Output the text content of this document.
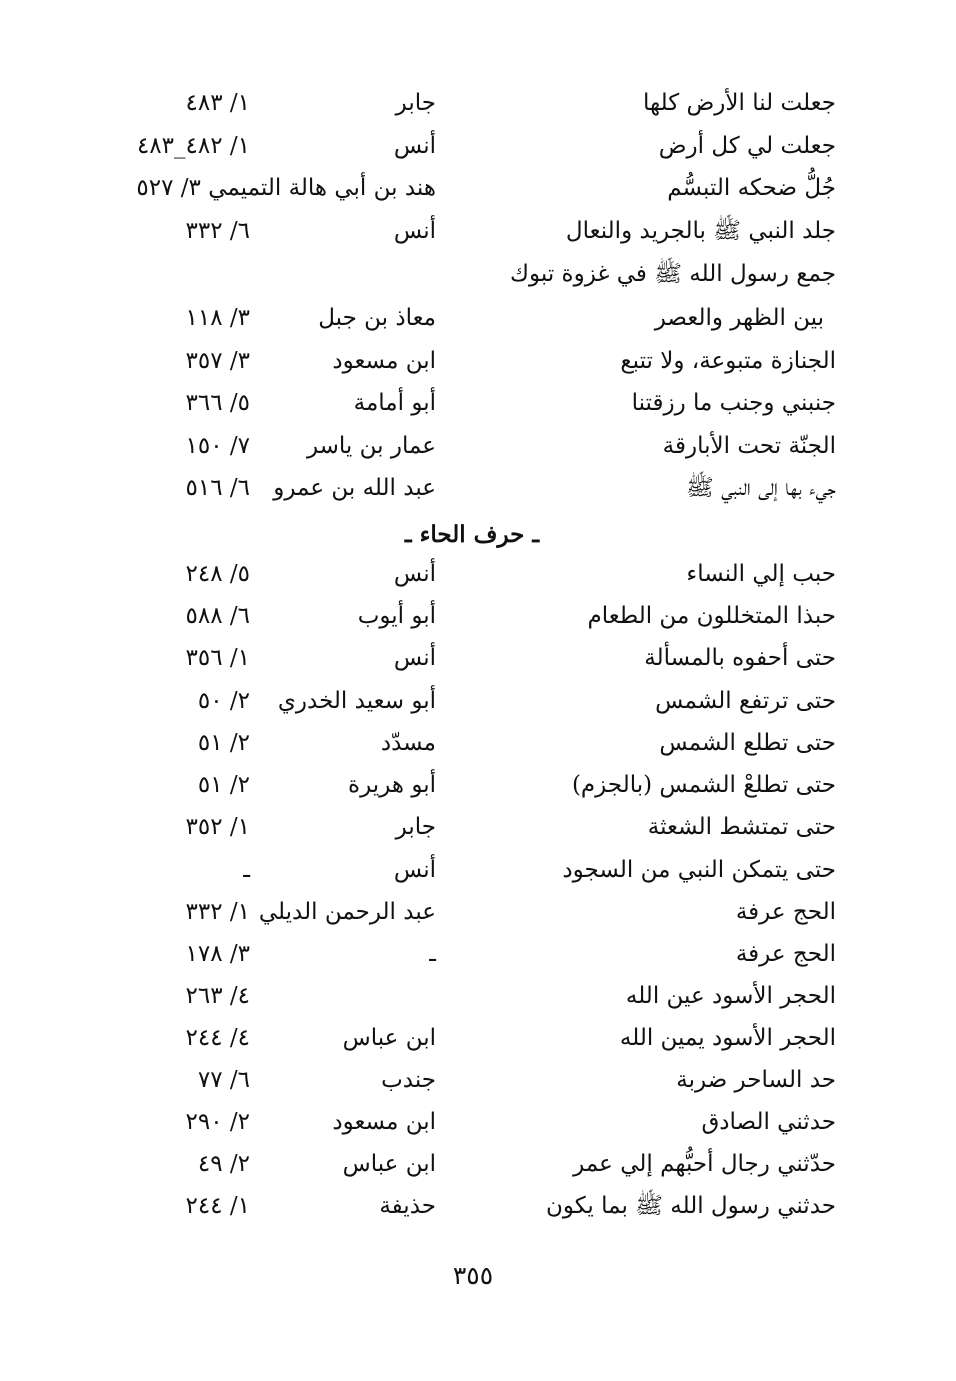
جعلت لنا الأرض كلها
جابر
١/ ٤٨٣
جعلت لي كل أرض
أنس
١/ ٤٨٢_٤٨٣
جُلُّ ضحكه التبسُّم
هند بن أبي هالة التميمي ٣/ ٥٢٧
جلد النبي ﷺ بالجريد والنعال
أنس
٦/ ٣٣٢
جمع رسول الله ﷺ في غزوة تبوك
بين الظهر والعصر
معاذ بن جبل
٣/ ١١٨
الجنازة متبوعة، ولا تتبع
ابن مسعود
٣/ ٣٥٧
جنبني وجنب ما رزقتنا
أبو أمامة
٥/ ٣٦٦
الجنّة تحت الأبارقة
عمار بن ياسر
٧/ ١٥٠
جيء بها إلى النبي ﷺ
عبد الله بن عمرو
٦/ ٥١٦
ـ حرف الحاء ـ
حبب إلي النساء
أنس
٥/ ٢٤٨
حبذا المتخللون من الطعام
أبو أيوب
٦/ ٥٨٨
حتى أحفوه بالمسألة
أنس
١/ ٣٥٦
حتى ترتفع الشمس
أبو سعيد الخدري
٢/ ٥٠
حتى تطلع الشمس
مسدّد
٢/ ٥١
حتى تطلعْ الشمس (بالجزم)
أبو هريرة
٢/ ٥١
حتى تمتشط الشعثة
جابر
١/ ٣٥٢
حتى يتمكن النبي من السجود
أنس
ـ
الحج عرفة
عبد الرحمن الديلي
١/ ٣٣٢
الحج عرفة
ـ
٣/ ١٧٨
الحجر الأسود عين الله
٤/ ٢٦٣
الحجر الأسود يمين الله
ابن عباس
٤/ ٢٤٤
حد الساحر ضربة
جندب
٦/ ٧٧
حدثني الصادق
ابن مسعود
٢/ ٢٩٠
حدّثني رجال أحبُّهم إلي عمر
ابن عباس
٢/ ٤٩
حدثني رسول الله ﷺ بما يكون
حذيفة
١/ ٢٤٤
٣٥٥
